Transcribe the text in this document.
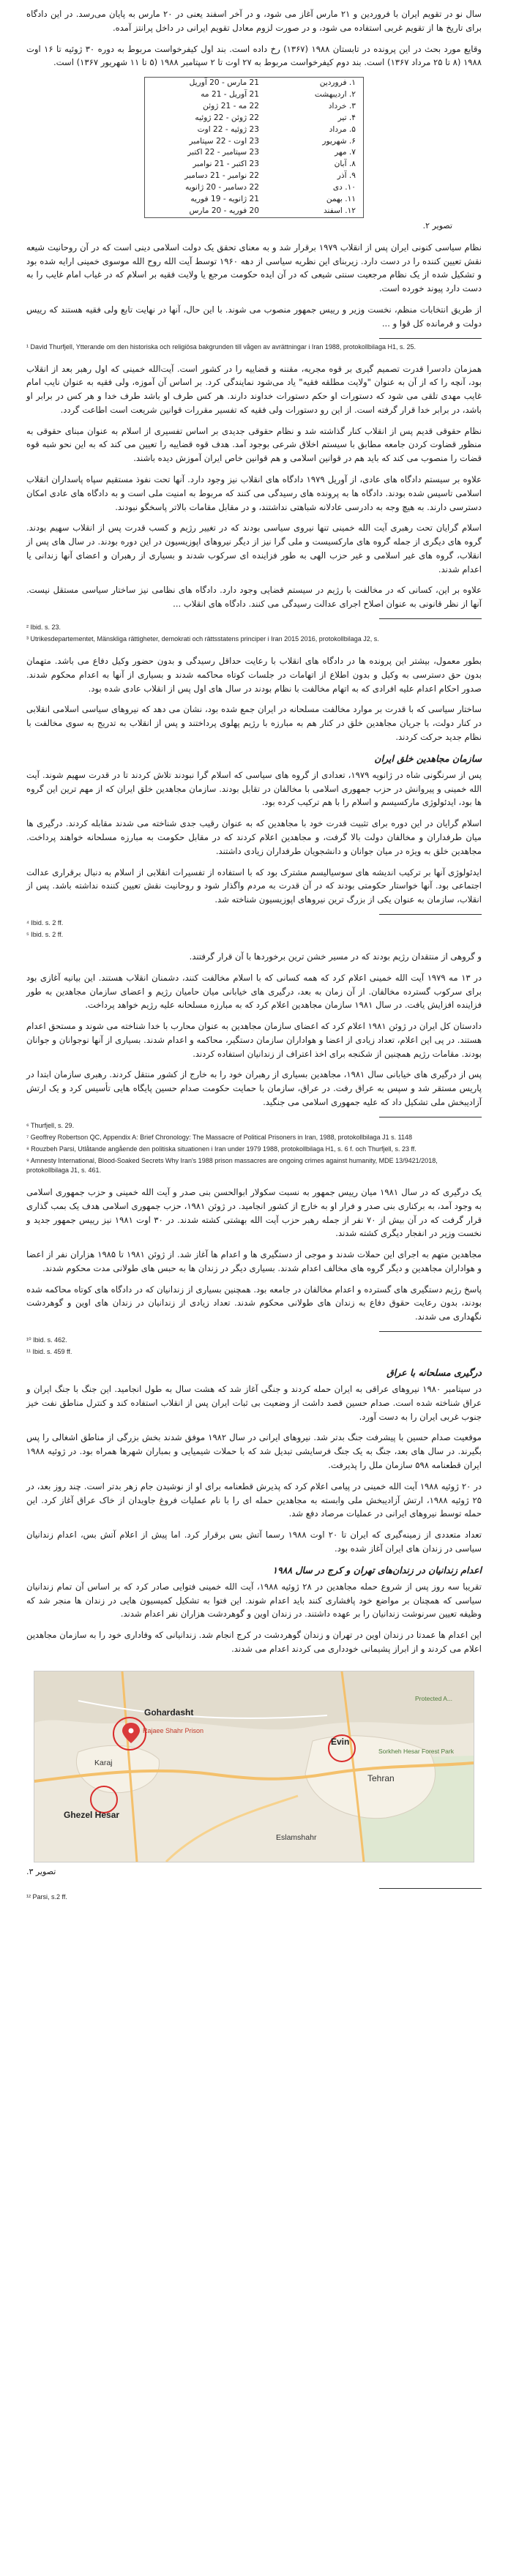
سال نو در تقویم ایران با فروردین و ۲۱ مارس آغاز می شود، و در آخر اسفند یعنی در ۲۰ مارس به پایان می‌رسد. در این داد‌گاه برای تاریخ ها از تقویم غربی استفاده می شود، و در صورت لزوم معادل تقویم ایرانی در داخل پرانتز آمده.

وقایع مورد بحث در این پرونده در تابستان ۱۹۸۸ (۱۳۶۷) رخ داده است. بند اول کیفرخواست مربوط به دوره ۳۰ ژوئیه تا ۱۶ اوت ۱۹۸۸ (۸ تا ۲۵ مرداد ۱۳۶۷) است. بند دوم کیفرخواست مربوط به ۲۷ اوت تا ۲ سپتامبر ۱۹۸۸ (۵ تا ۱۱ شهریور ۱۳۶۷) است.

۱. فروردین	21 مارس - 20 آوریل
۲. اردیبهشت	21 آوریل - 21 مه
۳. خرداد	22 مه - 21 ژوئن
۴. تیر	22 ژوئن - 22 ژوئیه
۵. مرداد	23 ژوئیه - 22 اوت
۶. شهریور	23 اوت - 22 سپتامبر
۷. مهر	23 سپتامبر - 22 اکتبر
۸. آبان	23 اکتبر - 21 نوامبر
۹. آذر	22 نوامبر - 21 دسامبر
۱۰. دی	22 دسامبر - 20 ژانویه
۱۱. بهمن	21 ژانویه - 19 فوریه
۱۲. اسفند	20 فوریه - 20 مارس
تصویر ۲.

نظام سیاسی کنونی ایران پس از انقلاب ۱۹۷۹ برقرار شد و به معنای تحقق یک دولت اسلامی دینی است که در آن روحانیت شیعه نقش تعیین کننده را در دست دارد. زیربنای این نظریه سیاسی از دهه ۱۹۶۰ توسط آیت الله روح الله موسوی خمینی ارایه شده بود و تشکیل شده از یک نظام مرجعیت سنتی شیعی که در آن ایده حکومت مرجع یا ولایت فقیه بر اسلام که در غیاب امام غایب را به دست دارد پیوند خورده است.

از طریق انتخابات منظم، نخست وزیر و رییس جمهور منصوب می شوند. با این حال، آنها در نهایت تابع ولی فقیه هستند که رییس دولت و فرمانده کل قوا و ...

¹ David Thurfjell, Ytterande om den historiska och religiösa bakgrunden till vågen av avrättningar i Iran 1988, protokollbilaga H1, s. 25.

همزمان دادسرا قدرت تصمیم گیری بر قوه مجریه، مقننه و قضاییه را در کشور است. آیت‌الله خمینی که اول رهبر بعد از انقلاب بود، آنچه را که از آن به عنوان "ولایت مطلقه فقیه" یاد می‌شود نمایندگی کرد. بر اساس آن آموزه، ولی فقیه به عنوان نایب امام غایب مهدی تلقی می شود که دستورات او حکم دستورات خداوند دارند. هر کس طرف او باشد طرف خدا و هر کس در برابر او باشد، در برابر خدا قرار گرفته است. از این رو دستورات ولی فقیه که تفسیر مقررات قوانین شریعت است اطاعت گردد.

نظام حقوقی قدیم پس از انقلاب کنار گذاشته شد و نظام حقوقی جدیدی بر اساس تفسیری از اسلام به عنوان مبنای حقوقی به منظور قضاوت کردن جامعه مطابق با سیستم اخلاق شرعی بوجود آمد. هدف قوه قضاییه را تعیین می کند که به این نحو شبه قوه قضات را منصوب می کند که باید هم در قوانین اسلامی و هم قوانین خاص ایران آموزش دیده باشند.

علاوه بر سیستم دادگاه های عادی، از آوریل ۱۹۷۹ دادگاه های انقلاب نیز وجود دارد. آنها تحت نفوذ مستقیم سپاه پاسداران انقلاب اسلامی تاسیس شده بودند. دادگاه ها به پرونده های رسیدگی می کنند که مربوط به امنیت ملی است و به دادگاه های عادی امکان دسترسی دارند. به هیچ وجه به دادرسی عادلانه شباهتی نداشتند، و در مقابل مقامات بالاتر پاسخگو نبودند.

اسلام گرایان تحت رهبری آیت الله خمینی تنها نیروی سیاسی بودند که در تغییر رژیم و کسب قدرت پس از انقلاب سهیم بودند. گروه های دیگری از جمله گروه های مارکسیست و ملی گرا نیز از دیگر نیروهای اپوزیسیون در این دوره بودند. در سال های پس از انقلاب، گروه های غیر اسلامی و غیر حزب الهی به طور فزاینده ای سرکوب شدند و بسیاری از رهبران و اعضای آنها زندانی یا اعدام شدند.

علاوه بر این، کسانی که در مخالفت با رژیم در سیستم قضایی وجود دارد. دادگاه های نظامی نیز ساختار سیاسی مستقل نیست. آنها از نظر قانونی به عنوان اصلاح اجرای عدالت رسیدگی می کنند. دادگاه های انقلاب ...

² Ibid. s. 23.
³ Utrikesdepartementet, Mänskliga rättigheter, demokrati och rättsstatens principer i Iran 2015 2016, protokollbilaga J2, s.

بطور معمول، بیشتر این پرونده ها در دادگاه های انقلاب با رعایت حداقل رسیدگی و بدون حضور وکیل دفاع می باشد. متهمان بدون حق دسترسی به وکیل و بدون اطلاع از اتهامات در جلسات کوتاه محاکمه شدند و بسیاری از آنها به اعدام محکوم شدند. صدور احکام اعدام علیه افرادی که به اتهام مخالفت با نظام بودند در سال های اول پس از انقلاب عادی شده بود.

ساختار سیاسی که با قدرت بر موارد مخالفت مسلحانه در ایران جمع شده بود، نشان می دهد که نیروهای سیاسی اسلامی انقلابی در کنار دولت، با جریان مجاهدین خلق در کنار هم به مبارزه با رژیم پهلوی پرداختند و پس از انقلاب به تدریج به سوی مخالفت با نظام جدید حرکت کردند.

سازمان مجاهدین خلق ایران

پس از سرنگونی شاه در ژانویه ۱۹۷۹، تعدادی از گروه های سیاسی که اسلام گرا نبودند تلاش کردند تا در قدرت سهیم شوند. آیت الله خمینی و پیروانش در حزب جمهوری اسلامی با مخالفان در تقابل بودند. سازمان مجاهدین خلق ایران که از مهم ترین این گروه ها بود، ایدئولوژی مارکسیسم و اسلام را با هم ترکیب کرده بود.

اسلام گرایان در این دوره برای تثبیت قدرت خود با مجاهدین که به عنوان رقیب جدی شناخته می شدند مقابله کردند. درگیری ها میان طرفداران و مخالفان دولت بالا گرفت، و مجاهدین اعلام کردند که در مقابل حکومت به مبارزه مسلحانه خواهند پرداخت. مجاهدین خلق به ویژه در میان جوانان و دانشجویان طرفداران زیادی داشتند.

ایدئولوژی آنها بر ترکیب اندیشه های سوسیالیسم مشترک بود که با استفاده از تفسیرات انقلابی از اسلام به دنبال برقراری عدالت اجتماعی بود. آنها خواستار حکومتی بودند که در آن قدرت به مردم واگذار شود و روحانیت نقش تعیین کننده نداشته باشد. پس از انقلاب، سازمان به عنوان یکی از بزرگ ترین نیروهای اپوزیسیون شناخته شد.

⁴ Ibid. s. 2 ff.
⁵ Ibid. s. 2 ff.

و گروهی از منتقدان رژیم بودند که در مسیر خشن ترین برخوردها با آن قرار گرفتند.

در ۱۳ مه ۱۹۷۹ آیت الله خمینی اعلام کرد که همه کسانی که با اسلام مخالفت کنند، دشمنان انقلاب هستند. این بیانیه آغازی بود برای سرکوب گسترده مخالفان. از آن زمان به بعد، درگیری های خیابانی میان حامیان رژیم و اعضای سازمان مجاهدین به طور فزاینده افزایش یافت. در سال ۱۹۸۱ سازمان مجاهدین اعلام کرد که به مبارزه مسلحانه علیه رژیم خواهد پرداخت.

دادستان کل ایران در ژوئن ۱۹۸۱ اعلام کرد که اعضای سازمان مجاهدین به عنوان محارب با خدا شناخته می شوند و مستحق اعدام هستند. در پی این اعلام، تعداد زیادی از اعضا و هواداران سازمان دستگیر، محاکمه و اعدام شدند. بسیاری از آنها نوجوانان و جوانان بودند. مقامات رژیم همچنین از شکنجه برای اخذ اعتراف از زندانیان استفاده کردند.

پس از درگیری های خیابانی سال ۱۹۸۱، مجاهدین بسیاری از رهبران خود را به خارج از کشور منتقل کردند. رهبری سازمان ابتدا در پاریس مستقر شد و سپس به عراق رفت. در عراق، سازمان با حمایت حکومت صدام حسین پایگاه هایی تأسیس کرد و یک ارتش آزادیبخش ملی تشکیل داد که علیه جمهوری اسلامی می جنگید.

⁶ Thurfjell, s. 29.
⁷ Geoffrey Robertson QC, Appendix A: Brief Chronology: The Massacre of Political Prisoners in Iran, 1988, protokollbilaga J1 s. 1148
⁸ Rouzbeh Parsi, Utlåtande angående den politiska situationen i Iran under 1979 1988, protokollbilaga H1, s. 6 f. och Thurfjell, s. 23 ff.
⁹ Amnesty International, Blood-Soaked Secrets Why Iran's 1988 prison massacres are ongoing crimes against humanity, MDE 13/9421/2018, protokollbilaga J1, s. 461.

یک درگیری که در سال ۱۹۸۱ میان رییس جمهور به نسبت سکولار ابوالحسن بنی صدر و آیت الله خمینی و حزب جمهوری اسلامی به وجود آمد، به برکناری بنی صدر و فرار او به خارج از کشور انجامید. در ژوئن ۱۹۸۱، حزب جمهوری اسلامی هدف یک بمب گذاری قرار گرفت که در آن بیش از ۷۰ نفر از جمله رهبر حزب آیت الله بهشتی کشته شدند. در ۳۰ اوت ۱۹۸۱ نیز رییس جمهور جدید و نخست وزیر در انفجار دیگری کشته شدند.

مجاهدین متهم به اجرای این حملات شدند و موجی از دستگیری ها و اعدام ها آغاز شد. از ژوئن ۱۹۸۱ تا ۱۹۸۵ هزاران نفر از اعضا و هواداران مجاهدین و دیگر گروه های مخالف اعدام شدند. بسیاری دیگر در زندان ها به حبس های طولانی مدت محکوم شدند.

پاسخ رژیم دستگیری های گسترده و اعدام مخالفان در جامعه بود. همچنین بسیاری از زندانیان که در دادگاه های کوتاه محاکمه شده بودند، بدون رعایت حقوق دفاع به زندان های طولانی محکوم شدند. تعداد زیادی از زندانیان در زندان های اوین و گوهردشت نگهداری می شدند.

¹⁰ Ibid. s. 462.
¹¹ Ibid. s. 459 ff.
درگیری مسلحانه با عراق

در سپتامبر ۱۹۸۰ نیروهای عراقی به ایران حمله کردند و جنگی آغاز شد که هشت سال به طول انجامید. این جنگ با جنگ ایران و عراق شناخته شده است. صدام حسین قصد داشت از وضعیت بی ثبات ایران پس از انقلاب استفاده کند و کنترل مناطق نفت خیز جنوب غربی ایران را به دست آورد.

موقعیت صدام حسین با پیشرفت جنگ بدتر شد. نیروهای ایرانی در سال ۱۹۸۲ موفق شدند بخش بزرگی از مناطق اشغالی را پس بگیرند. در سال های بعد، جنگ به یک جنگ فرسایشی تبدیل شد که با حملات شیمیایی و بمباران شهرها همراه بود. در ژوئیه ۱۹۸۸ ایران قطعنامه ۵۹۸ سازمان ملل را پذیرفت.

در ۲۰ ژوئیه ۱۹۸۸ آیت الله خمینی در پیامی اعلام کرد که پذیرش قطعنامه برای او از نوشیدن جام زهر بدتر است. چند روز بعد، در ۲۵ ژوئیه ۱۹۸۸، ارتش آزادیبخش ملی وابسته به مجاهدین حمله ای را با نام عملیات فروغ جاویدان از خاک عراق آغاز کرد. این حمله توسط نیروهای ایرانی در عملیات مرصاد دفع شد.

تعداد متعددی از زمینه‌گیری که ایران تا ۲۰ اوت ۱۹۸۸ رسما آتش بس برقرار کرد. اما پیش از اعلام آتش بس، اعدام زندانیان سیاسی در زندان های ایران آغاز شده بود.

اعدام زندانیان در زندان‌های تهران و کرج در سال ۱۹۸۸

تقریبا سه روز پس از شروع حمله مجاهدین در ۲۸ ژوئیه ۱۹۸۸، آیت الله خمینی فتوایی صادر کرد که بر اساس آن تمام زندانیان سیاسی که همچنان بر مواضع خود پافشاری کنند باید اعدام شوند. این فتوا به تشکیل کمیسیون هایی در زندان ها منجر شد که وظیفه تعیین سرنوشت زندانیان را بر عهده داشتند. در زندان اوین و گوهردشت هزاران نفر اعدام شدند.

این اعدام ها عمدتا در زندان اوین در تهران و زندان گوهردشت در کرج انجام شد. زندانیانی که وفاداری خود را به سازمان مجاهدین اعلام می کردند و از ابراز پشیمانی خودداری می کردند اعدام می شدند.

Gohardasht
Rajaee Shahr Prison
Evin
Ghezel Hesar
Karaj
Tehran
Eslamshahr
Sorkheh Hesar Forest Park
Protected A...
تصویر ۳.
¹² Parsi, s.2 ff.
